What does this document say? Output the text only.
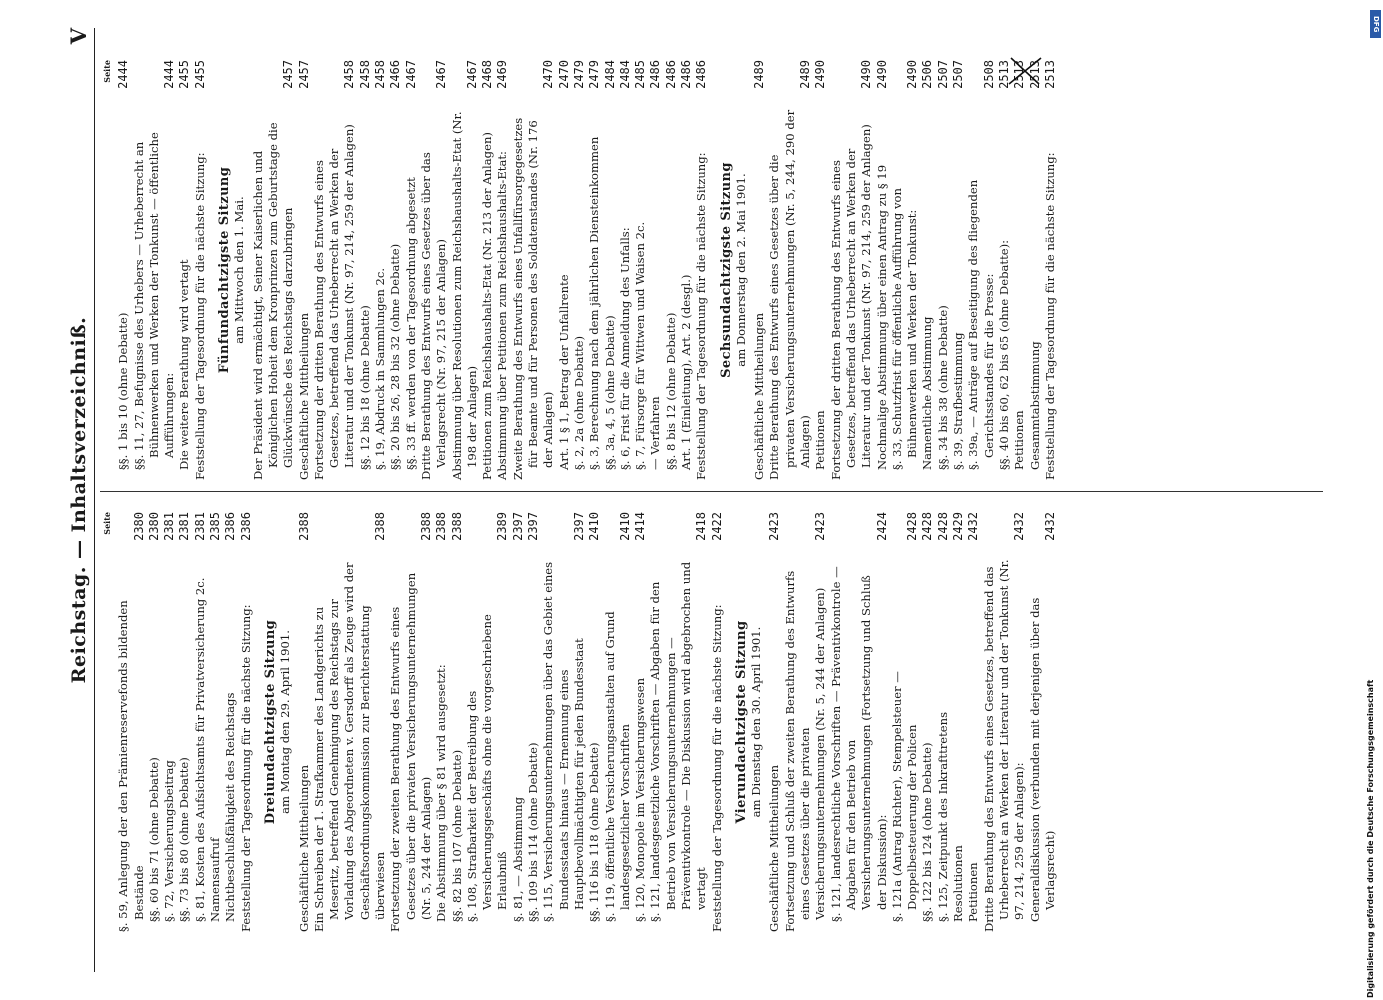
Reichstag. — Inhaltsverzeichniß.
V
Seite
§. 59, Anlegung der den Prämienreservefonds bildenden Bestände
2380
§§. 60 bis 71 (ohne Debatte)
2380
§. 72, Versicherungsbeitrag
2381
§§. 73 bis 80 (ohne Debatte)
2381
§. 81, Kosten des Aufsichtsamts für Privatversicherung 2c.
2381
Namensaufruf
2385
Nichtbeschlußfähigkeit des Reichstags
2386
Feststellung der Tagesordnung für die nächste Sitzung:
2386
Dreiundachtzigste Sitzung am Montag den 29. April 1901.
Geschäftliche Mittheilungen
2388
Ein Schreiben der 1. Strafkammer des Landgerichts zu Meseritz, betreffend Genehmigung des Reichstags zur Vorladung des Abgeordneten v. Gersdorff als Zeuge wird der Geschäftsordnungskommission zur Berichterstattung überwiesen
2388
Fortsetzung der zweiten Berathung des Entwurfs eines Gesetzes über die privaten Versicherungsunternehmungen (Nr. 5, 244 der Anlagen)
2388
Die Abstimmung über § 81 wird ausgesetzt:
2388
§§. 82 bis 107 (ohne Debatte)
2388
§. 108, Strafbarkeit der Betreibung des Versicherungsgeschäfts ohne die vorgeschriebene Erlaubniß
2389
§. 81, — Abstimmung
2397
§§. 109 bis 114 (ohne Debatte)
2397
§. 115, Versicherungsunternehmungen über das Gebiet eines Bundesstaats hinaus — Ernennung eines Hauptbevollmächtigten für jeden Bundesstaat
2397
§§. 116 bis 118 (ohne Debatte)
2410
§. 119, öffentliche Versicherungsanstalten auf Grund landesgesetzlicher Vorschriften
2410
§. 120, Monopole im Versicherungswesen
2414
§. 121, landesgesetzliche Vorschriften — Abgaben für den Betrieb von Versicherungsunternehmungen — Präventivkontrole — Die Diskussion wird abgebrochen und vertagt
2418
Feststellung der Tagesordnung für die nächste Sitzung:
2422
Vierundachtzigste Sitzung am Dienstag den 30. April 1901.
Geschäftliche Mittheilungen
2423
Fortsetzung und Schluß der zweiten Berathung des Entwurfs eines Gesetzes über die privaten Versicherungsunternehmungen (Nr. 5, 244 der Anlagen)
2423
§. 121, landesrechtliche Vorschriften — Präventivkontrole — Abgaben für den Betrieb von Versicherungsunternehmungen (Fortsetzung und Schluß der Diskussion):
2424
§. 121a (Antrag Richter), Stempelsteuer — Doppelbesteuerung der Policen
2428
§§. 122 bis 124 (ohne Debatte)
2428
§. 125, Zeitpunkt des Inkrafttretens
2428
Resolutionen
2429
Petitionen
2432
Dritte Berathung des Entwurfs eines Gesetzes, betreffend das Urheberrecht an Werken der Literatur und der Tonkunst (Nr. 97, 214, 259 der Anlagen):
2432
Generaldiskussion (verbunden mit derjenigen über das Verlagsrecht)
2432
Seite
§§. 1 bis 10 (ohne Debatte)
2444
§§. 11, 27, Befugnisse des Urhebers — Urheberrecht an Bühnenwerken und Werken der Tonkunst — öffentliche Aufführungen:
2444
Die weitere Berathung wird vertagt
2455
Feststellung der Tagesordnung für die nächste Sitzung:
2455
Fünfundachtzigste Sitzung am Mittwoch den 1. Mai. Der Präsident wird ermächtigt, Seiner Kaiserlichen und Königlichen Hoheit dem Kronprinzen zum Geburtstage die Glückwünsche des Reichstags darzubringen
2457
Geschäftliche Mittheilungen
2457
Fortsetzung der dritten Berathung des Entwurfs eines Gesetzes, betreffend das Urheberrecht an Werken der Literatur und der Tonkunst (Nr. 97, 214, 259 der Anlagen)
2458
§§. 12 bis 18 (ohne Debatte)
2458
§. 19, Abdruck in Sammlungen 2c.
2458
§§. 20 bis 26, 28 bis 32 (ohne Debatte)
2466
§§. 33 ff. werden von der Tagesordnung abgesetzt
2467
Dritte Berathung des Entwurfs eines Gesetzes über das Verlagsrecht (Nr. 97, 215 der Anlagen)
2467
Abstimmung über Resolutionen zum Reichshaushalts-Etat (Nr. 198 der Anlagen)
2467
Petitionen zum Reichshaushalts-Etat (Nr. 213 der Anlagen)
2468
Abstimmung über Petitionen zum Reichshaushalts-Etat:
2469
Zweite Berathung des Entwurfs eines Unfallfürsorgegesetzes für Beamte und für Personen des Soldatenstandes (Nr. 176 der Anlagen)
2470
Art. 1 § 1, Betrag der Unfallrente
2470
§. 2, 2a (ohne Debatte)
2479
§. 3, Berechnung nach dem jährlichen Diensteinkommen
2479
§§. 3a, 4, 5 (ohne Debatte)
2484
§. 6, Frist für die Anmeldung des Unfalls:
2484
§. 7, Fürsorge für Wittwen und Waisen 2c.
2485
— Verfahren
2486
§§. 8 bis 12 (ohne Debatte)
2486
Art. 1 (Einleitung), Art. 2 (desgl.)
2486
Feststellung der Tagesordnung für die nächste Sitzung:
2486
Sechsundachtzigste Sitzung am Donnerstag den 2. Mai 1901.
Geschäftliche Mittheilungen
2489
Dritte Berathung des Entwurfs eines Gesetzes über die privaten Versicherungsunternehmungen (Nr. 5, 244, 290 der Anlagen)
2489
Petitionen
2490
Fortsetzung der dritten Berathung des Entwurfs eines Gesetzes, betreffend das Urheberrecht an Werken der Literatur und der Tonkunst (Nr. 97, 214, 259 der Anlagen)
2490
Nochmalige Abstimmung über einen Antrag zu § 19
2490
§. 33, Schutzfrist für öffentliche Aufführung von Bühnenwerken und Werken der Tonkunst:
2490
Namentliche Abstimmung
2506
§§. 34 bis 38 (ohne Debatte)
2507
§. 39, Strafbestimmung
2507
§. 39a, — Anträge auf Beseitigung des fliegenden Gerichtsstandes für die Presse:
2508
§§. 40 bis 60, 62 bis 65 (ohne Debatte):
2513
Petitionen
2513
Gesammtabstimmung
2513
Feststellung der Tagesordnung für die nächste Sitzung:
2513
DFG
Digitalisierung gefördert durch die Deutsche Forschungsgemeinschaft
